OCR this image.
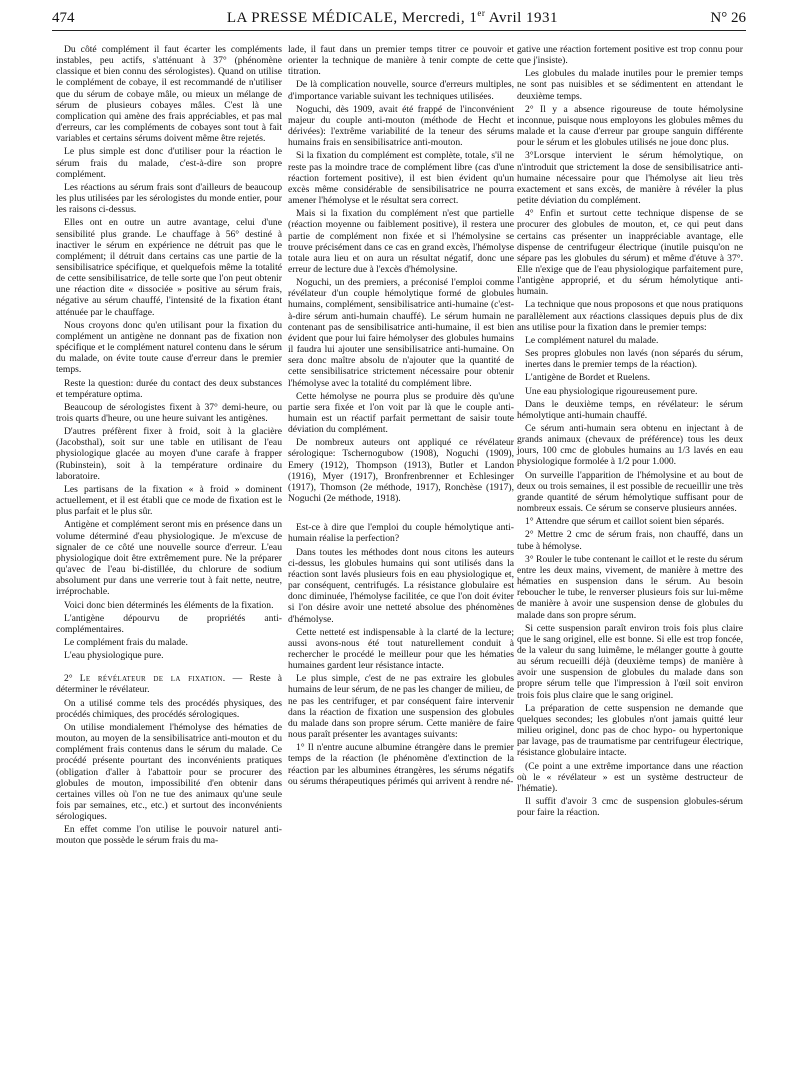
474	LA PRESSE MÉDICALE, Mercredi, 1er Avril 1931	N° 26

Du côté complément il faut écarter les compléments instables, peu actifs, s'atténuant à 37° (phénomène classique et bien connu des sérologistes). Quand on utilise le complément de cobaye, il est recommandé de n'utiliser que du sérum de cobaye mâle, ou mieux un mélange de sérum de plusieurs cobayes mâles. C'est là une complication qui amène des frais appréciables, et pas mal d'erreurs, car les compléments de cobayes sont tout à fait variables et certains sérums doivent même être rejetés.

Le plus simple est donc d'utiliser pour la réaction le sérum frais du malade, c'est-à-dire son propre complément.

Les réactions au sérum frais sont d'ailleurs de beaucoup les plus utilisées par les sérologistes du monde entier, pour les raisons ci-dessus.

Elles ont en outre un autre avantage, celui d'une sensibilité plus grande. Le chauffage à 56° destiné à inactiver le sérum en expérience ne détruit pas que le complément; il détruit dans certains cas une partie de la sensibilisatrice spécifique, et quelquefois même la totalité de cette sensibilisatrice, de telle sorte que l'on peut obtenir une réaction dite « dissociée » positive au sérum frais, négative au sérum chauffé, l'intensité de la fixation étant atténuée par le chauffage.

Nous croyons donc qu'en utilisant pour la fixation du complément un antigène ne donnant pas de fixation non spécifique et le complément naturel contenu dans le sérum du malade, on évite toute cause d'erreur dans le premier temps.

Reste la question: durée du contact des deux substances et température optima.

Beaucoup de sérologistes fixent à 37° demi-heure, ou trois quarts d'heure, ou une heure suivant les antigènes.

D'autres préfèrent fixer à froid, soit à la glacière (Jacobsthal), soit sur une table en utilisant de l'eau physiologique glacée au moyen d'une carafe à frapper (Rubinstein), soit à la température ordinaire du laboratoire.

Les partisans de la fixation « à froid » dominent actuellement, et il est établi que ce mode de fixation est le plus parfait et le plus sûr.

Antigène et complément seront mis en présence dans un volume déterminé d'eau physiologique. Je m'excuse de signaler de ce côté une nouvelle source d'erreur. L'eau physiologique doit être extrêmement pure. Ne la préparer qu'avec de l'eau bi-distillée, du chlorure de sodium absolument pur dans une verrerie tout à fait nette, neutre, irréprochable.

Voici donc bien déterminés les éléments de la fixation.

L'antigène dépourvu de propriétés anti-complémentaires.

Le complément frais du malade.

L'eau physiologique pure.

2° Le révélateur de la fixation. — Reste à déterminer le révélateur.

On a utilisé comme tels des procédés physiques, des procédés chimiques, des procédés sérologiques.

On utilise mondialement l'hémolyse des hématies de mouton, au moyen de la sensibilisatrice anti-mouton et du complément frais contenus dans le sérum du malade. Ce procédé présente pourtant des inconvénients pratiques (obligation d'aller à l'abattoir pour se procurer des globules de mouton, impossibilité d'en obtenir dans certaines villes où l'on ne tue des animaux qu'une seule fois par semaines, etc., etc.) et surtout des inconvénients sérologiques.

En effet comme l'on utilise le pouvoir naturel anti-mouton que possède le sérum frais du ma-

lade, il faut dans un premier temps titrer ce pouvoir et orienter la technique de manière à tenir compte de cette titration.

De là complication nouvelle, source d'erreurs multiples, d'importance variable suivant les techniques utilisées.

Noguchi, dès 1909, avait été frappé de l'inconvénient majeur du couple anti-mouton (méthode de Hecht et dérivées): l'extrême variabilité de la teneur des sérums humains frais en sensibilisatrice anti-mouton.

Si la fixation du complément est complète, totale, s'il ne reste pas la moindre trace de complément libre (cas d'une réaction fortement positive), il est bien évident qu'un excès même considérable de sensibilisatrice ne pourra amener l'hémolyse et le résultat sera correct.

Mais si la fixation du complément n'est que partielle (réaction moyenne ou faiblement positive), il restera une partie de complément non fixée et si l'hémolysine se trouve précisément dans ce cas en grand excès, l'hémolyse totale aura lieu et on aura un résultat négatif, donc une erreur de lecture due à l'excès d'hémolysine.

Noguchi, un des premiers, a préconisé l'emploi comme révélateur d'un couple hémolytique formé de globules humains, complément, sensibilisatrice anti-humaine (c'est-à-dire sérum anti-humain chauffé). Le sérum humain ne contenant pas de sensibilisatrice anti-humaine, il est bien évident que pour lui faire hémolyser des globules humains il faudra lui ajouter une sensibilisatrice anti-humaine. On sera donc maître absolu de n'ajouter que la quantité de cette sensibilisatrice strictement nécessaire pour obtenir l'hémolyse avec la totalité du complément libre.

Cette hémolyse ne pourra plus se produire dès qu'une partie sera fixée et l'on voit par là que le couple anti-humain est un réactif parfait permettant de saisir toute déviation du complément.

De nombreux auteurs ont appliqué ce révélateur sérologique: Tschernogubow (1908), Noguchi (1909), Emery (1912), Thompson (1913), Butler et Landon (1916), Myer (1917), Bronfrenbrenner et Echlesinger (1917), Thomson (2e méthode, 1917), Ronchèse (1917), Noguchi (2e méthode, 1918).

Est-ce à dire que l'emploi du couple hémolytique anti-humain réalise la perfection?

Dans toutes les méthodes dont nous citons les auteurs ci-dessus, les globules humains qui sont utilisés dans la réaction sont lavés plusieurs fois en eau physiologique et, par conséquent, centrifugés. La résistance globulaire est donc diminuée, l'hémolyse facilitée, ce que l'on doit éviter si l'on désire avoir une netteté absolue des phénomènes d'hémolyse.

Cette netteté est indispensable à la clarté de la lecture; aussi avons-nous été tout naturellement conduit à rechercher le procédé le meilleur pour que les hématies humaines gardent leur résistance intacte.

Le plus simple, c'est de ne pas extraire les globules humains de leur sérum, de ne pas les changer de milieu, de ne pas les centrifuger, et par conséquent faire intervenir dans la réaction de fixation une suspension des globules du malade dans son propre sérum. Cette manière de faire nous paraît présenter les avantages suivants:

1° Il n'entre aucune albumine étrangère dans le premier temps de la réaction (le phénomène d'extinction de la réaction par les albumines étrangères, les sérums négatifs ou sérums thérapeutiques périmés qui arrivent à rendre né-

gative une réaction fortement positive est trop connu pour que j'insiste).

Les globules du malade inutiles pour le premier temps ne sont pas nuisibles et se sédimentent en attendant le deuxième temps.

2° Il y a absence rigoureuse de toute hémolysine inconnue, puisque nous employons les globules mêmes du malade et la cause d'erreur par groupe sanguin différente pour le sérum et les globules utilisés ne joue donc plus.

3°Lorsque intervient le sérum hémolytique, on n'introduit que strictement la dose de sensibilisatrice anti-humaine nécessaire pour que l'hémolyse ait lieu très exactement et sans excès, de manière à révéler la plus petite déviation du complément.

4° Enfin et surtout cette technique dispense de se procurer des globules de mouton, et, ce qui peut dans certains cas présenter un inappréciable avantage, elle dispense de centrifugeur électrique (inutile puisqu'on ne sépare pas les globules du sérum) et même d'étuve à 37°. Elle n'exige que de l'eau physiologique parfaitement pure, l'antigène approprié, et du sérum hémolytique anti-humain.

La technique que nous proposons et que nous pratiquons parallèlement aux réactions classiques depuis plus de dix ans utilise pour la fixation dans le premier temps:

Le complément naturel du malade.

Ses propres globules non lavés (non séparés du sérum, inertes dans le premier temps de la réaction).

L'antigène de Bordet et Ruelens.

Une eau physiologique rigoureusement pure.

Dans le deuxième temps, en révélateur: le sérum hémolytique anti-humain chauffé.

Ce sérum anti-humain sera obtenu en injectant à de grands animaux (chevaux de préférence) tous les deux jours, 100 cmc de globules humains au 1/3 lavés en eau physiologique formolée à 1/2 pour 1.000.

On surveille l'apparition de l'hémolysine et au bout de deux ou trois semaines, il est possible de recueillir une très grande quantité de sérum hémolytique suffisant pour de nombreux essais. Ce sérum se conserve plusieurs années.

1° Attendre que sérum et caillot soient bien séparés.

2° Mettre 2 cmc de sérum frais, non chauffé, dans un tube à hémolyse.

3° Rouler le tube contenant le caillot et le reste du sérum entre les deux mains, vivement, de manière à mettre des hématies en suspension dans le sérum. Au besoin reboucher le tube, le renverser plusieurs fois sur lui-même de manière à avoir une suspension dense de globules du malade dans son propre sérum.

Si cette suspension paraît environ trois fois plus claire que le sang originel, elle est bonne. Si elle est trop foncée, de la valeur du sang luimême, le mélanger goutte à goutte au sérum recueilli déjà (deuxième temps) de manière à avoir une suspension de globules du malade dans son propre sérum telle que l'impression à l'œil soit environ trois fois plus claire que le sang originel.

La préparation de cette suspension ne demande que quelques secondes; les globules n'ont jamais quitté leur milieu originel, donc pas de choc hypo- ou hypertonique par lavage, pas de traumatisme par centrifugeur électrique, résistance globulaire intacte.

(Ce point a une extrême importance dans une réaction où le « révélateur » est un système destructeur de l'hématie).

Il suffit d'avoir 3 cmc de suspension globules-sérum pour faire la réaction.
